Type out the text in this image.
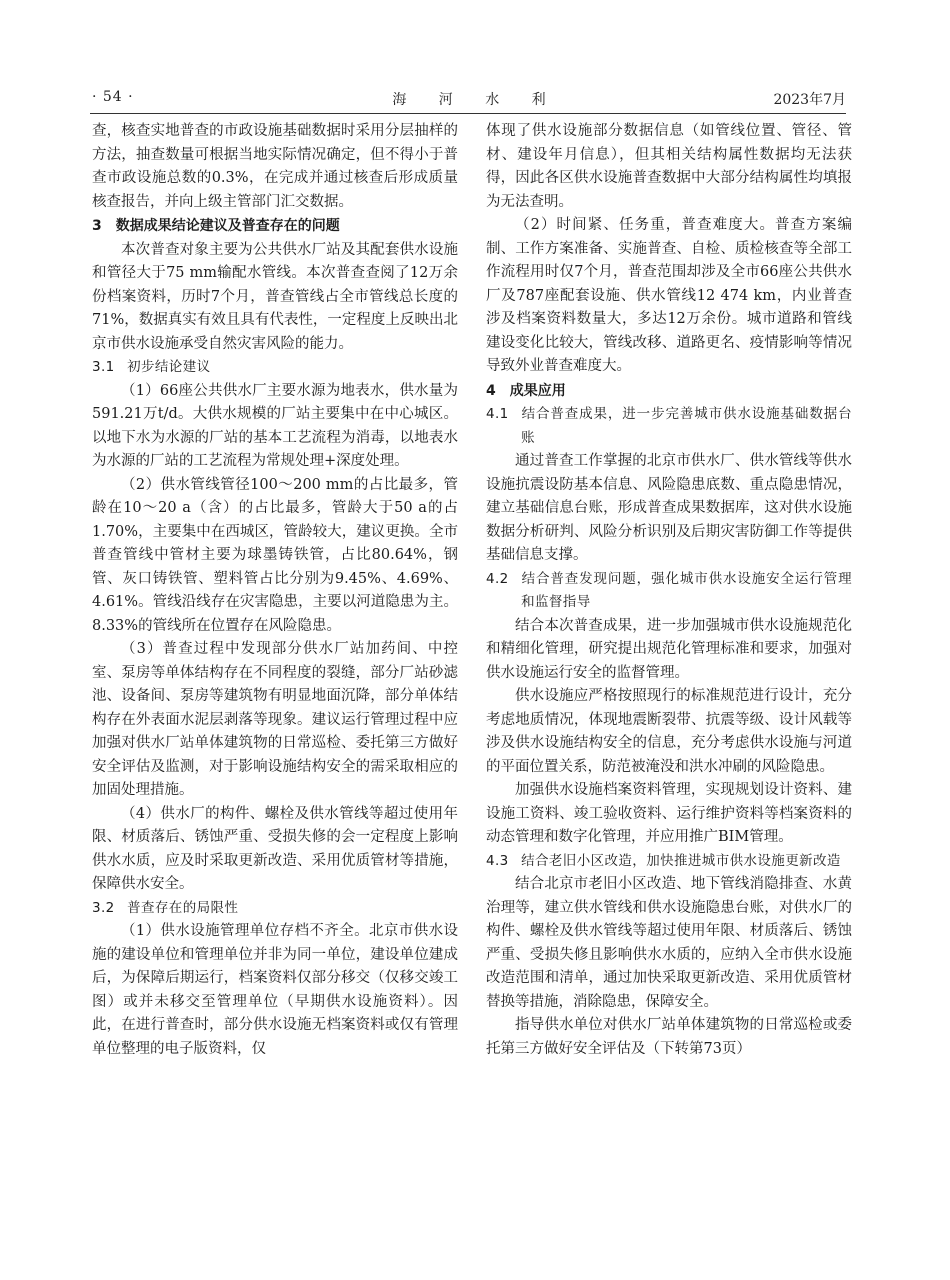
· 54 ·	海 河 水 利	2023年7月

查，核查实地普查的市政设施基础数据时采用分层抽样的方法，抽查数量可根据当地实际情况确定，但不得小于普查市政设施总数的0.3%，在完成并通过核查后形成质量核查报告，并向上级主管部门汇交数据。

3　数据成果结论建议及普查存在的问题

本次普查对象主要为公共供水厂站及其配套供水设施和管径大于75 mm输配水管线。本次普查查阅了12万余份档案资料，历时7个月，普查管线占全市管线总长度的71%，数据真实有效且具有代表性，一定程度上反映出北京市供水设施承受自然灾害风险的能力。

3.1 初步结论建议

（1）66座公共供水厂主要水源为地表水，供水量为591.21万t/d。大供水规模的厂站主要集中在中心城区。以地下水为水源的厂站的基本工艺流程为消毒，以地表水为水源的厂站的工艺流程为常规处理+深度处理。

（2）供水管线管径100～200 mm的占比最多，管龄在10～20 a（含）的占比最多，管龄大于50 a的占1.70%，主要集中在西城区，管龄较大，建议更换。全市普查管线中管材主要为球墨铸铁管，占比80.64%，钢管、灰口铸铁管、塑料管占比分别为9.45%、4.69%、4.61%。管线沿线存在灾害隐患，主要以河道隐患为主。8.33%的管线所在位置存在风险隐患。

（3）普查过程中发现部分供水厂站加药间、中控室、泵房等单体结构存在不同程度的裂缝，部分厂站砂滤池、设备间、泵房等建筑物有明显地面沉降，部分单体结构存在外表面水泥层剥落等现象。建议运行管理过程中应加强对供水厂站单体建筑物的日常巡检、委托第三方做好安全评估及监测，对于影响设施结构安全的需采取相应的加固处理措施。

（4）供水厂的构件、螺栓及供水管线等超过使用年限、材质落后、锈蚀严重、受损失修的会一定程度上影响供水水质，应及时采取更新改造、采用优质管材等措施，保障供水安全。

3.2 普查存在的局限性

（1）供水设施管理单位存档不齐全。北京市供水设施的建设单位和管理单位并非为同一单位，建设单位建成后，为保障后期运行，档案资料仅部分移交（仅移交竣工图）或并未移交至管理单位（早期供水设施资料）。因此，在进行普查时，部分供水设施无档案资料或仅有管理单位整理的电子版资料，仅

体现了供水设施部分数据信息（如管线位置、管径、管材、建设年月信息），但其相关结构属性数据均无法获得，因此各区供水设施普查数据中大部分结构属性均填报为无法查明。

（2）时间紧、任务重，普查难度大。普查方案编制、工作方案准备、实施普查、自检、质检核查等全部工作流程用时仅7个月，普查范围却涉及全市66座公共供水厂及787座配套设施、供水管线12 474 km，内业普查涉及档案资料数量大，多达12万余份。城市道路和管线建设变化比较大，管线改移、道路更名、疫情影响等情况导致外业普查难度大。

4　成果应用

4.1 结合普查成果，进一步完善城市供水设施基础数据台账

通过普查工作掌握的北京市供水厂、供水管线等供水设施抗震设防基本信息、风险隐患底数、重点隐患情况，建立基础信息台账，形成普查成果数据库，这对供水设施数据分析研判、风险分析识别及后期灾害防御工作等提供基础信息支撑。

4.2 结合普查发现问题，强化城市供水设施安全运行管理和监督指导

结合本次普查成果，进一步加强城市供水设施规范化和精细化管理，研究提出规范化管理标准和要求，加强对供水设施运行安全的监督管理。

供水设施应严格按照现行的标准规范进行设计，充分考虑地质情况，体现地震断裂带、抗震等级、设计风载等涉及供水设施结构安全的信息，充分考虑供水设施与河道的平面位置关系，防范被淹没和洪水冲刷的风险隐患。

加强供水设施档案资料管理，实现规划设计资料、建设施工资料、竣工验收资料、运行维护资料等档案资料的动态管理和数字化管理，并应用推广BIM管理。

4.3 结合老旧小区改造，加快推进城市供水设施更新改造

结合北京市老旧小区改造、地下管线消隐排查、水黄治理等，建立供水管线和供水设施隐患台账，对供水厂的构件、螺栓及供水管线等超过使用年限、材质落后、锈蚀严重、受损失修且影响供水水质的，应纳入全市供水设施改造范围和清单，通过加快采取更新改造、采用优质管材替换等措施，消除隐患，保障安全。

指导供水单位对供水厂站单体建筑物的日常巡检或委托第三方做好安全评估及（下转第73页）
